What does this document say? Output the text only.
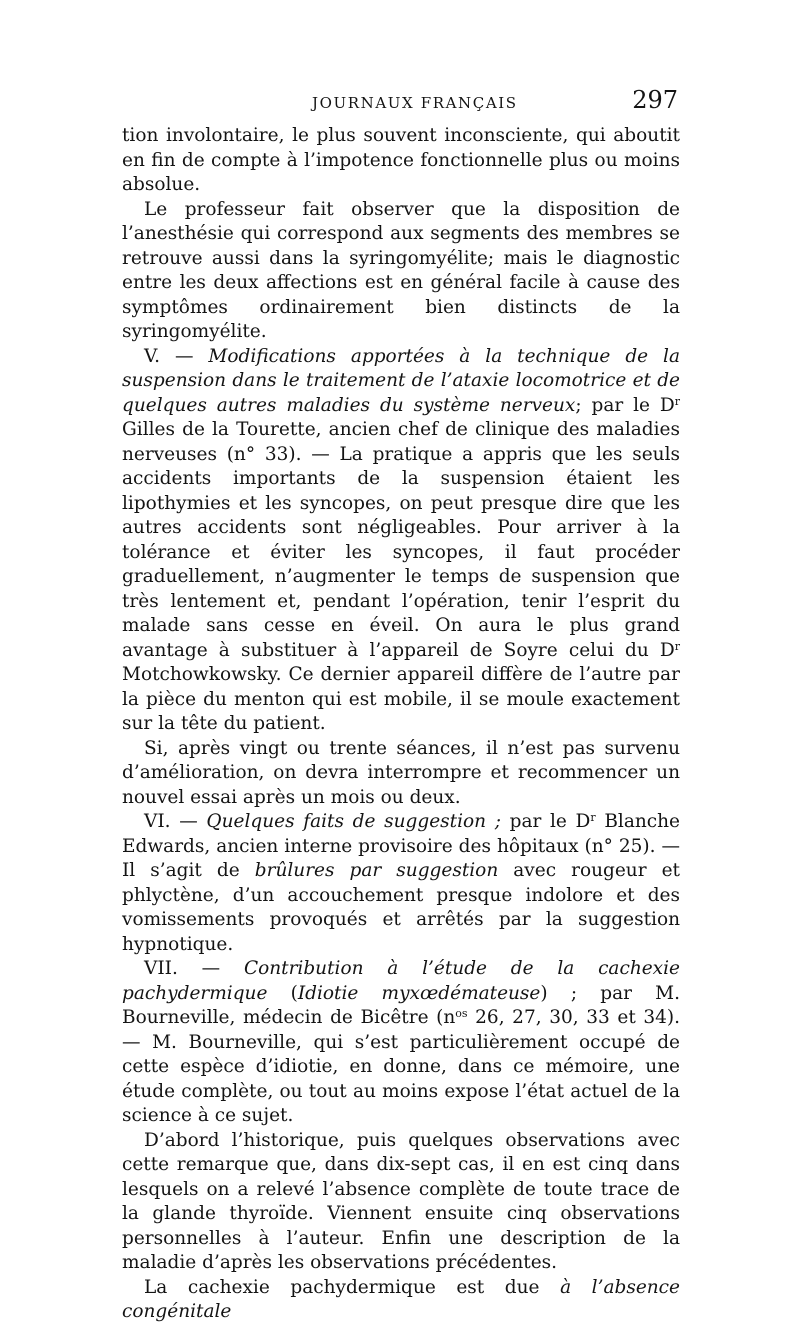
JOURNAUX FRANÇAIS	297

tion involontaire, le plus souvent inconsciente, qui aboutit en fin de compte à l’impotence fonctionnelle plus ou moins absolue.

Le professeur fait observer que la disposition de l’anesthésie qui correspond aux segments des membres se retrouve aussi dans la syringomyélite; mais le diagnostic entre les deux affections est en général facile à cause des symptômes ordinairement bien distincts de la syringomyélite.

V. — Modifications apportées à la technique de la suspension dans le traitement de l’ataxie locomotrice et de quelques autres maladies du système nerveux; par le $D^r$ Gilles de la Tourette, ancien chef de clinique des maladies nerveuses (n° 33). — La pratique a appris que les seuls accidents importants de la suspension étaient les lipothymies et les syncopes, on peut presque dire que les autres accidents sont négligeables. Pour arriver à la tolérance et éviter les syncopes, il faut procéder graduellement, n’augmenter le temps de suspension que très lentement et, pendant l’opération, tenir l’esprit du malade sans cesse en éveil. On aura le plus grand avantage à substituer à l’appareil de Soyre celui du $D^r$ Motchowkowsky. Ce dernier appareil diffère de l’autre par la pièce du menton qui est mobile, il se moule exactement sur la tête du patient.

Si, après vingt ou trente séances, il n’est pas survenu d’amélioration, on devra interrompre et recommencer un nouvel essai après un mois ou deux.

VI. — Quelques faits de suggestion ; par le $D^r$ Blanche Edwards, ancien interne provisoire des hôpitaux (n° 25). — Il s’agit de brûlures par suggestion avec rougeur et phlyctène, d’un accouchement presque indolore et des vomissements provoqués et arrêtés par la suggestion hypnotique.

VII. — Contribution à l’étude de la cachexie pachydermique (Idiotie myxœdémateuse) ; par M. Bourneville, médecin de Bicêtre ($n^{os}$ 26, 27, 30, 33 et 34). — M. Bourneville, qui s’est particulièrement occupé de cette espèce d’idiotie, en donne, dans ce mémoire, une étude complète, ou tout au moins expose l’état actuel de la science à ce sujet.

D’abord l’historique, puis quelques observations avec cette remarque que, dans dix-sept cas, il en est cinq dans lesquels on a relevé l’absence complète de toute trace de la glande thyroïde. Viennent ensuite cinq observations personnelles à l’auteur. Enfin une description de la maladie d’après les observations précédentes.

La cachexie pachydermique est due à l’absence congénitale
